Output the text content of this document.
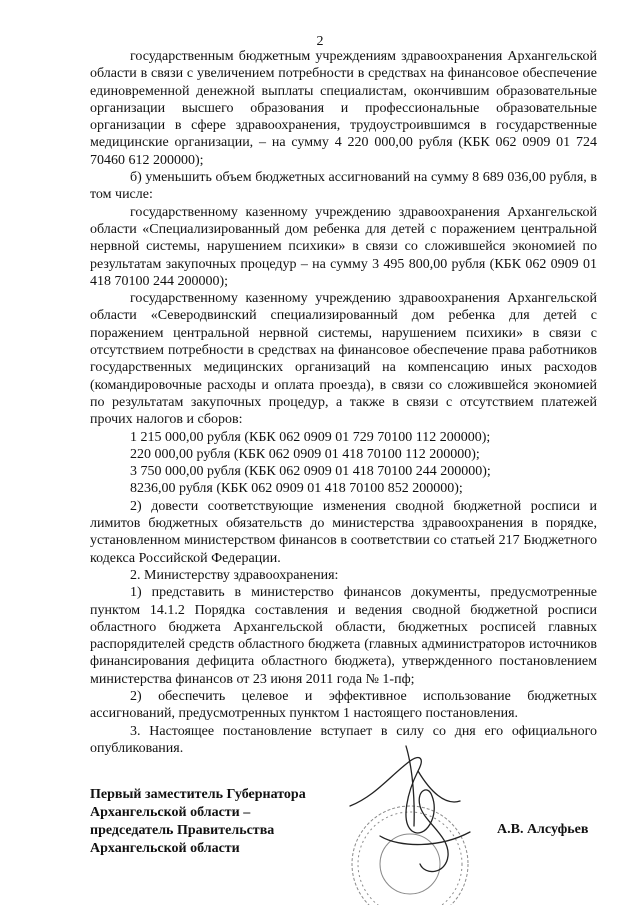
2

государственным бюджетным учреждениям здравоохранения Архангельской области в связи с увеличением потребности в средствах на финансовое обеспечение единовременной денежной выплаты специалистам, окончившим образовательные организации высшего образования и профессиональные образовательные организации в сфере здравоохранения, трудоустроившимся в государственные медицинские организации, – на сумму 4 220 000,00 рубля (КБК 062 0909 01 724 70460 612 200000);

б) уменьшить объем бюджетных ассигнований на сумму 8 689 036,00 рубля, в том числе:

государственному казенному учреждению здравоохранения Архангельской области «Специализированный дом ребенка для детей с поражением центральной нервной системы, нарушением психики» в связи со сложившейся экономией по результатам закупочных процедур – на сумму 3 495 800,00 рубля (КБК 062 0909 01 418 70100 244 200000);

государственному казенному учреждению здравоохранения Архангельской области «Северодвинский специализированный дом ребенка для детей с поражением центральной нервной системы, нарушением психики» в связи с отсутствием потребности в средствах на финансовое обеспечение права работников государственных медицинских организаций на компенсацию иных расходов (командировочные расходы и оплата проезда), в связи со сложившейся экономией по результатам закупочных процедур, а также в связи с отсутствием платежей прочих налогов и сборов:

1 215 000,00 рубля (КБК 062 0909 01 729 70100 112 200000);

220 000,00 рубля (КБК 062 0909 01 418 70100 112 200000);

3 750 000,00 рубля (КБК 062 0909 01 418 70100 244 200000);

8236,00 рубля (КБК 062 0909 01 418 70100 852 200000);

2) довести соответствующие изменения сводной бюджетной росписи и лимитов бюджетных обязательств до министерства здравоохранения в порядке, установленном министерством финансов в соответствии со статьей 217 Бюджетного кодекса Российской Федерации.

2. Министерству здравоохранения:

1) представить в министерство финансов документы, предусмотренные пунктом 14.1.2 Порядка составления и ведения сводной бюджетной росписи областного бюджета Архангельской области, бюджетных росписей главных распорядителей средств областного бюджета (главных администраторов источников финансирования дефицита областного бюджета), утвержденного постановлением министерства финансов от 23 июня 2011 года № 1-пф;

2) обеспечить целевое и эффективное использование бюджетных ассигнований, предусмотренных пунктом 1 настоящего постановления.

3. Настоящее постановление вступает в силу со дня его официального опубликования.

Первый заместитель Губернатора
Архангельской области –
председатель Правительства
Архангельской области
А.В. Алсуфьев
